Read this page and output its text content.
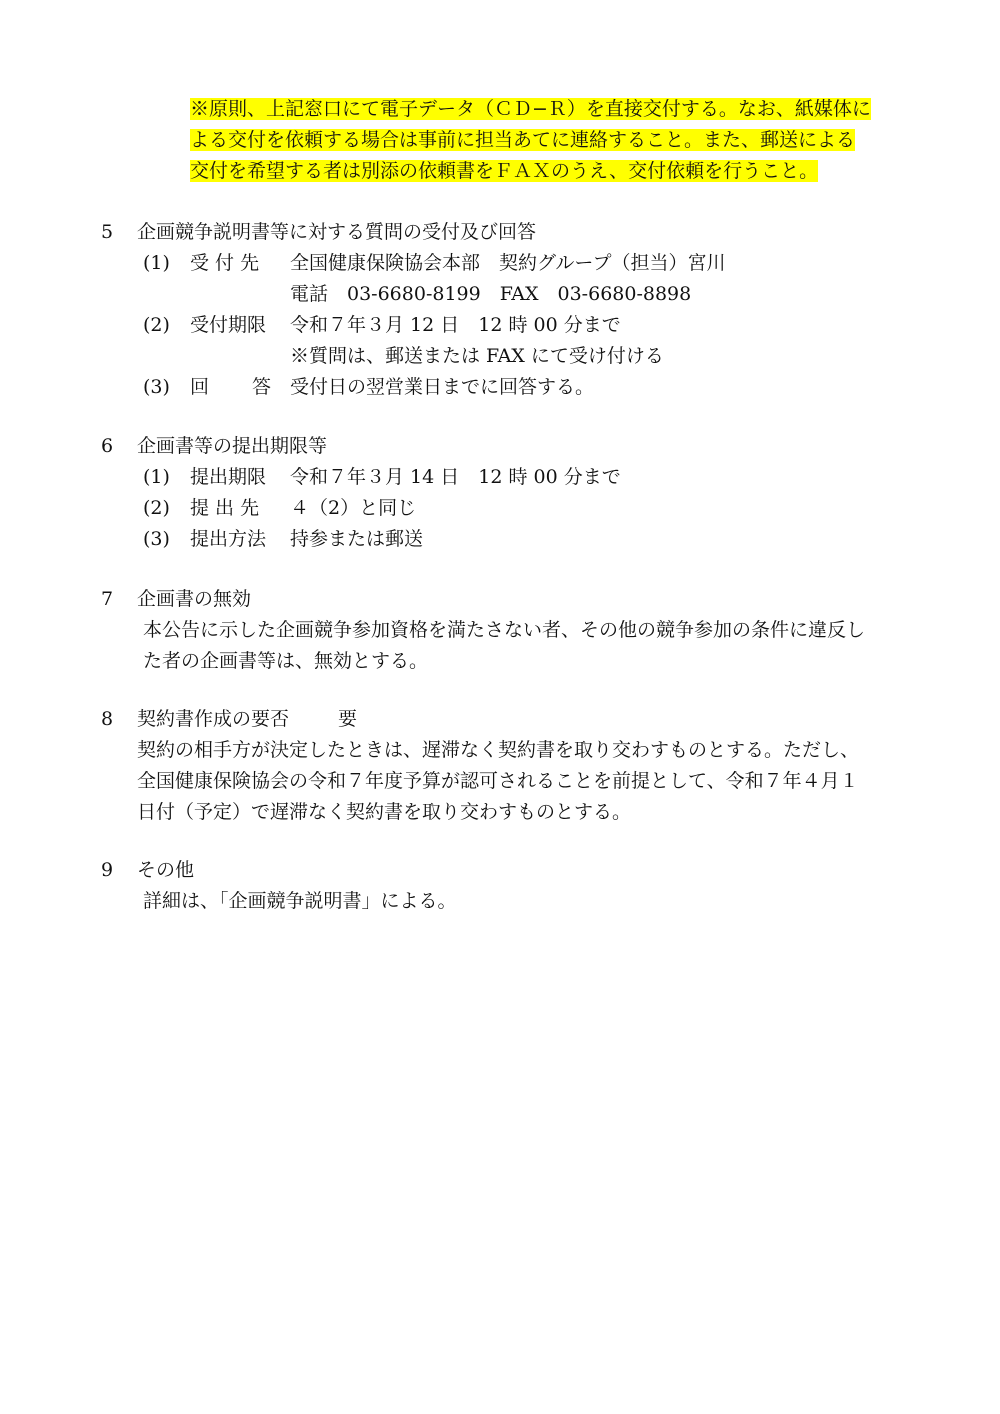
※原則、上記窓口にて電子データ（ＣＤ−Ｒ）を直接交付する。なお、紙媒体に
よる交付を依頼する場合は事前に担当あてに連絡すること。また、郵送による
交付を希望する者は別添の依頼書をＦＡＸのうえ、交付依頼を行うこと。
5 企画競争説明書等に対する質問の受付及び回答
(1) 受 付 先 全国健康保険協会本部　契約グループ（担当）宮川
電話　03-6680-8199　FAX　03-6680-8898
(2) 受付期限 令和７年３月 12 日　12 時 00 分まで
※質問は、郵送または FAX にて受け付ける
(3) 回 答 受付日の翌営業日までに回答する。
6 企画書等の提出期限等
(1) 提出期限 令和７年３月 14 日　12 時 00 分まで
(2) 提 出 先 ４（2）と同じ
(3) 提出方法 持参または郵送
7 企画書の無効
本公告に示した企画競争参加資格を満たさない者、その他の競争参加の条件に違反し
た者の企画書等は、無効とする。
8 契約書作成の要否	要
契約の相手方が決定したときは、遅滞なく契約書を取り交わすものとする。ただし、
全国健康保険協会の令和７年度予算が認可されることを前提として、令和７年４月１
日付（予定）で遅滞なく契約書を取り交わすものとする。
9 その他
詳細は、「企画競争説明書」による。
